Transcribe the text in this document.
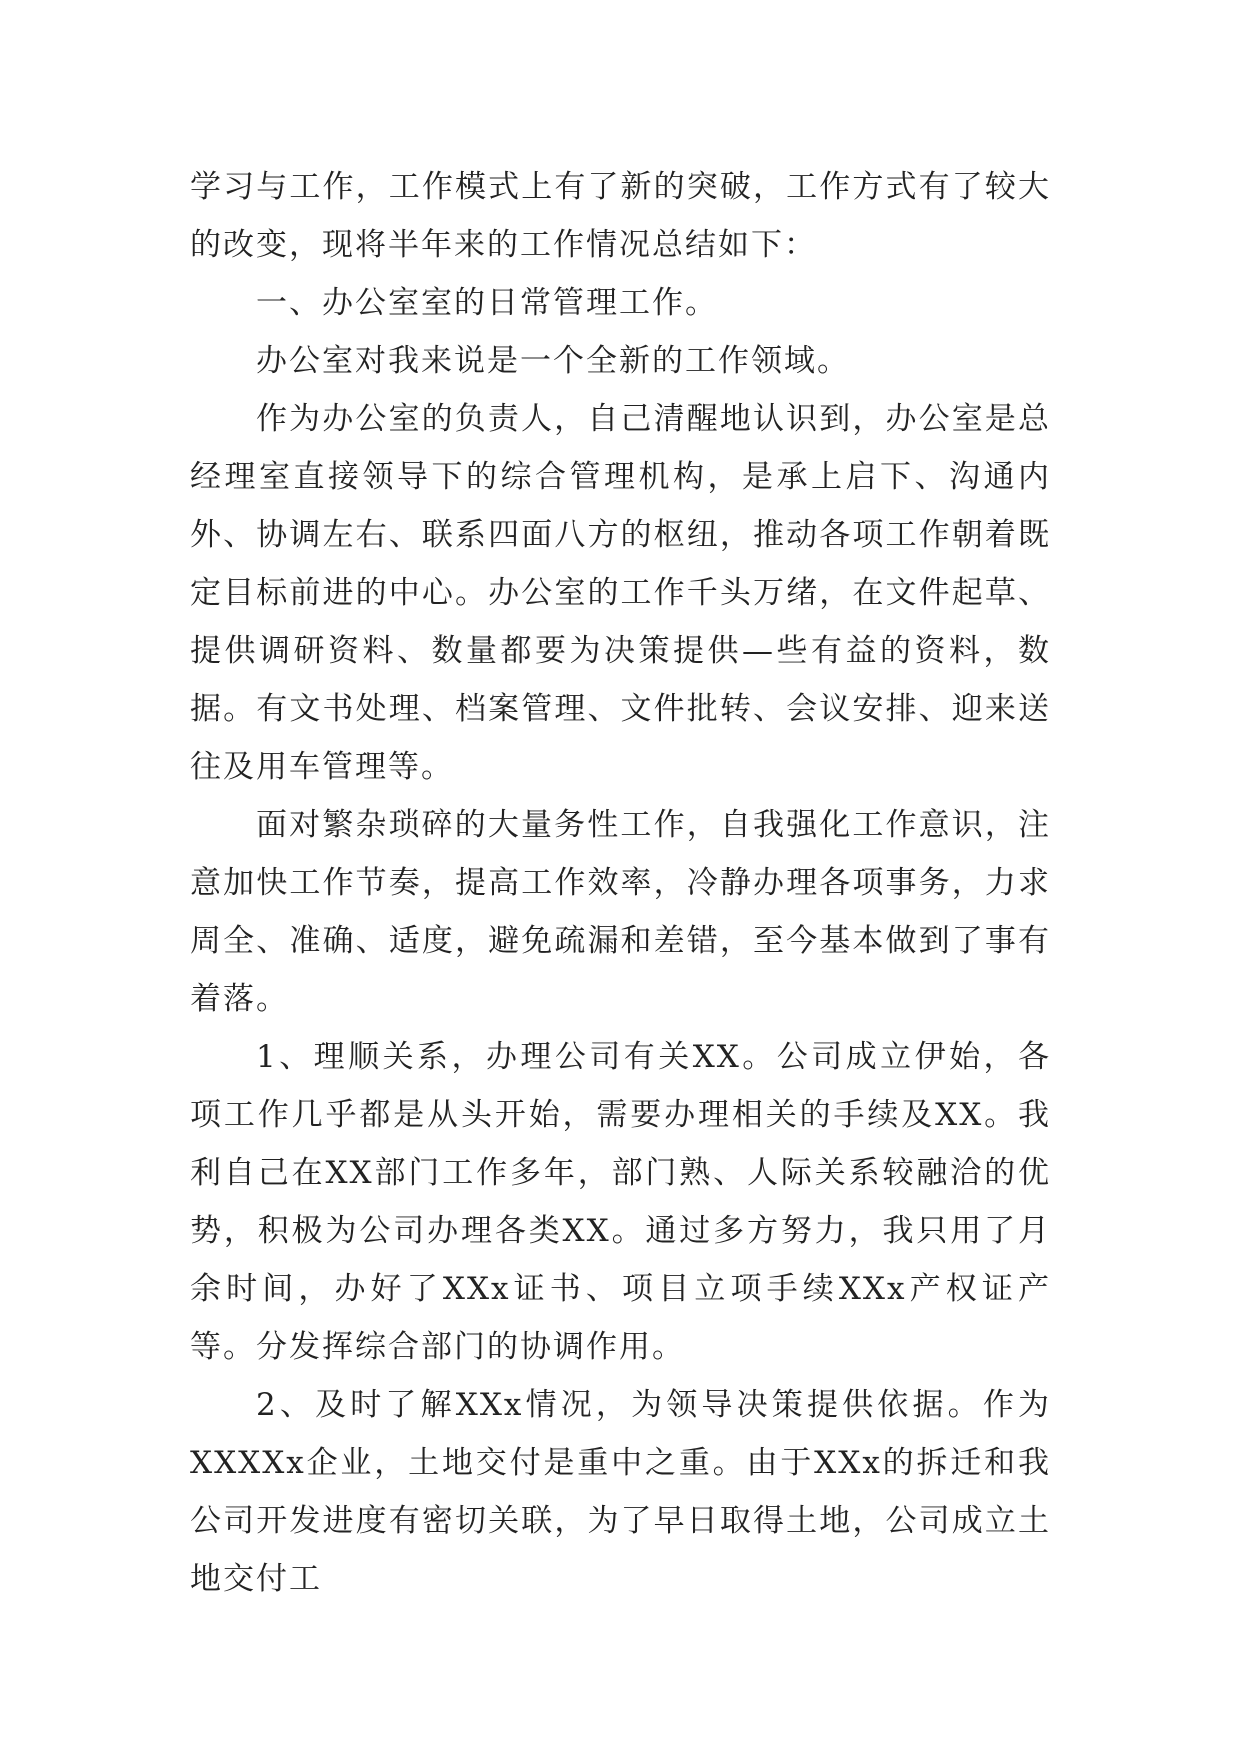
学习与工作，工作模式上有了新的突破，工作方式有了较大的改变，现将半年来的工作情况总结如下：

一、办公室室的日常管理工作。

办公室对我来说是一个全新的工作领域。

作为办公室的负责人，自己清醒地认识到，办公室是总经理室直接领导下的综合管理机构，是承上启下、沟通内外、协调左右、联系四面八方的枢纽，推动各项工作朝着既定目标前进的中心。办公室的工作千头万绪，在文件起草、提供调研资料、数量都要为决策提供—些有益的资料，数据。有文书处理、档案管理、文件批转、会议安排、迎来送往及用车管理等。

面对繁杂琐碎的大量务性工作，自我强化工作意识，注意加快工作节奏，提高工作效率，冷静办理各项事务，力求周全、准确、适度，避免疏漏和差错，至今基本做到了事有着落。

1、理顺关系，办理公司有关XX。公司成立伊始，各项工作几乎都是从头开始，需要办理相关的手续及XX。我利自己在XX部门工作多年，部门熟、人际关系较融洽的优势，积极为公司办理各类XX。通过多方努力，我只用了月余时间，办好了XXx证书、项目立项手续XXx产权证产等。分发挥综合部门的协调作用。

2、及时了解XXx情况，为领导决策提供依据。作为XXXXx企业，土地交付是重中之重。由于XXx的拆迁和我公司开发进度有密切关联，为了早日取得土地，公司成立土地交付工
